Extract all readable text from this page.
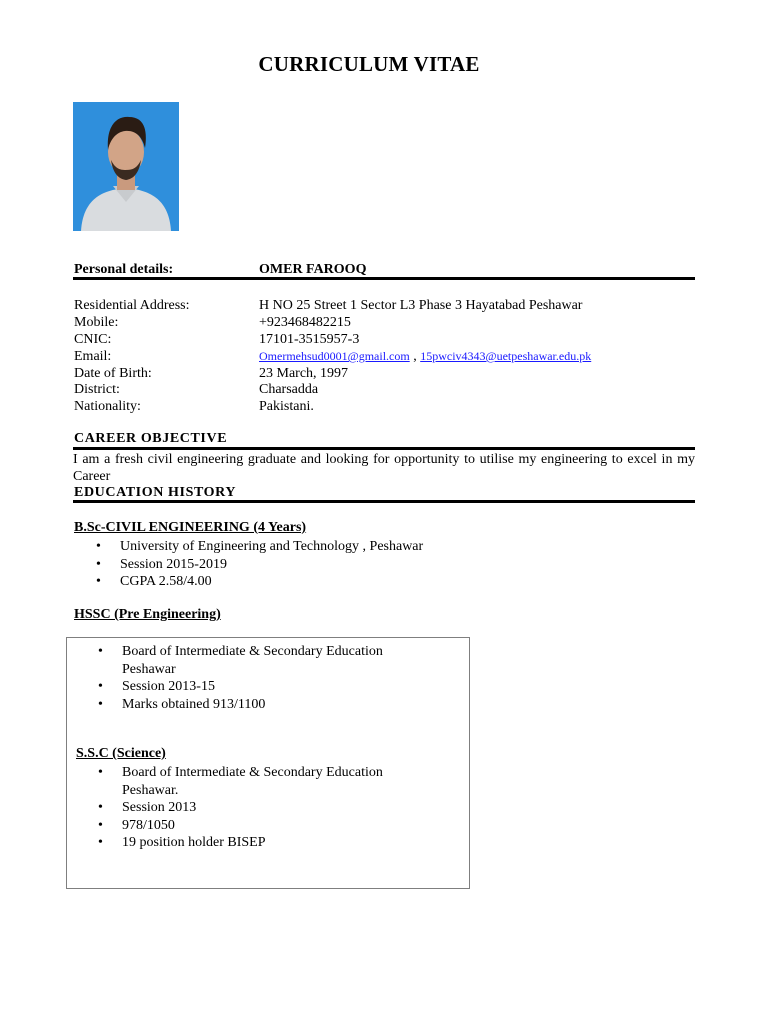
CURRICULUM VITAE
Personal details:	OMER FAROOQ
Residential Address:	H NO 25 Street 1 Sector L3 Phase 3 Hayatabad Peshawar
Mobile:	+923468482215
CNIC:	17101-3515957-3
Email:	Omermehsud0001@gmail.com , 15pwciv4343@uetpeshawar.edu.pk
Date of Birth:	23 March, 1997
District:	Charsadda
Nationality:	Pakistani.
CAREER OBJECTIVE
I am a fresh civil engineering graduate and looking for opportunity to utilise my engineering to excel in my Career
EDUCATION HISTORY
B.Sc-CIVIL ENGINEERING (4 Years)
• University of Engineering and Technology , Peshawar
• Session 2015-2019
• CGPA 2.58/4.00
HSSC (Pre Engineering)
• Board of Intermediate & Secondary Education
Peshawar
• Session 2013-15
• Marks obtained 913/1100
S.S.C (Science)
• Board of Intermediate & Secondary Education
Peshawar.
• Session 2013
• 978/1050
• 19 position holder BISEP
